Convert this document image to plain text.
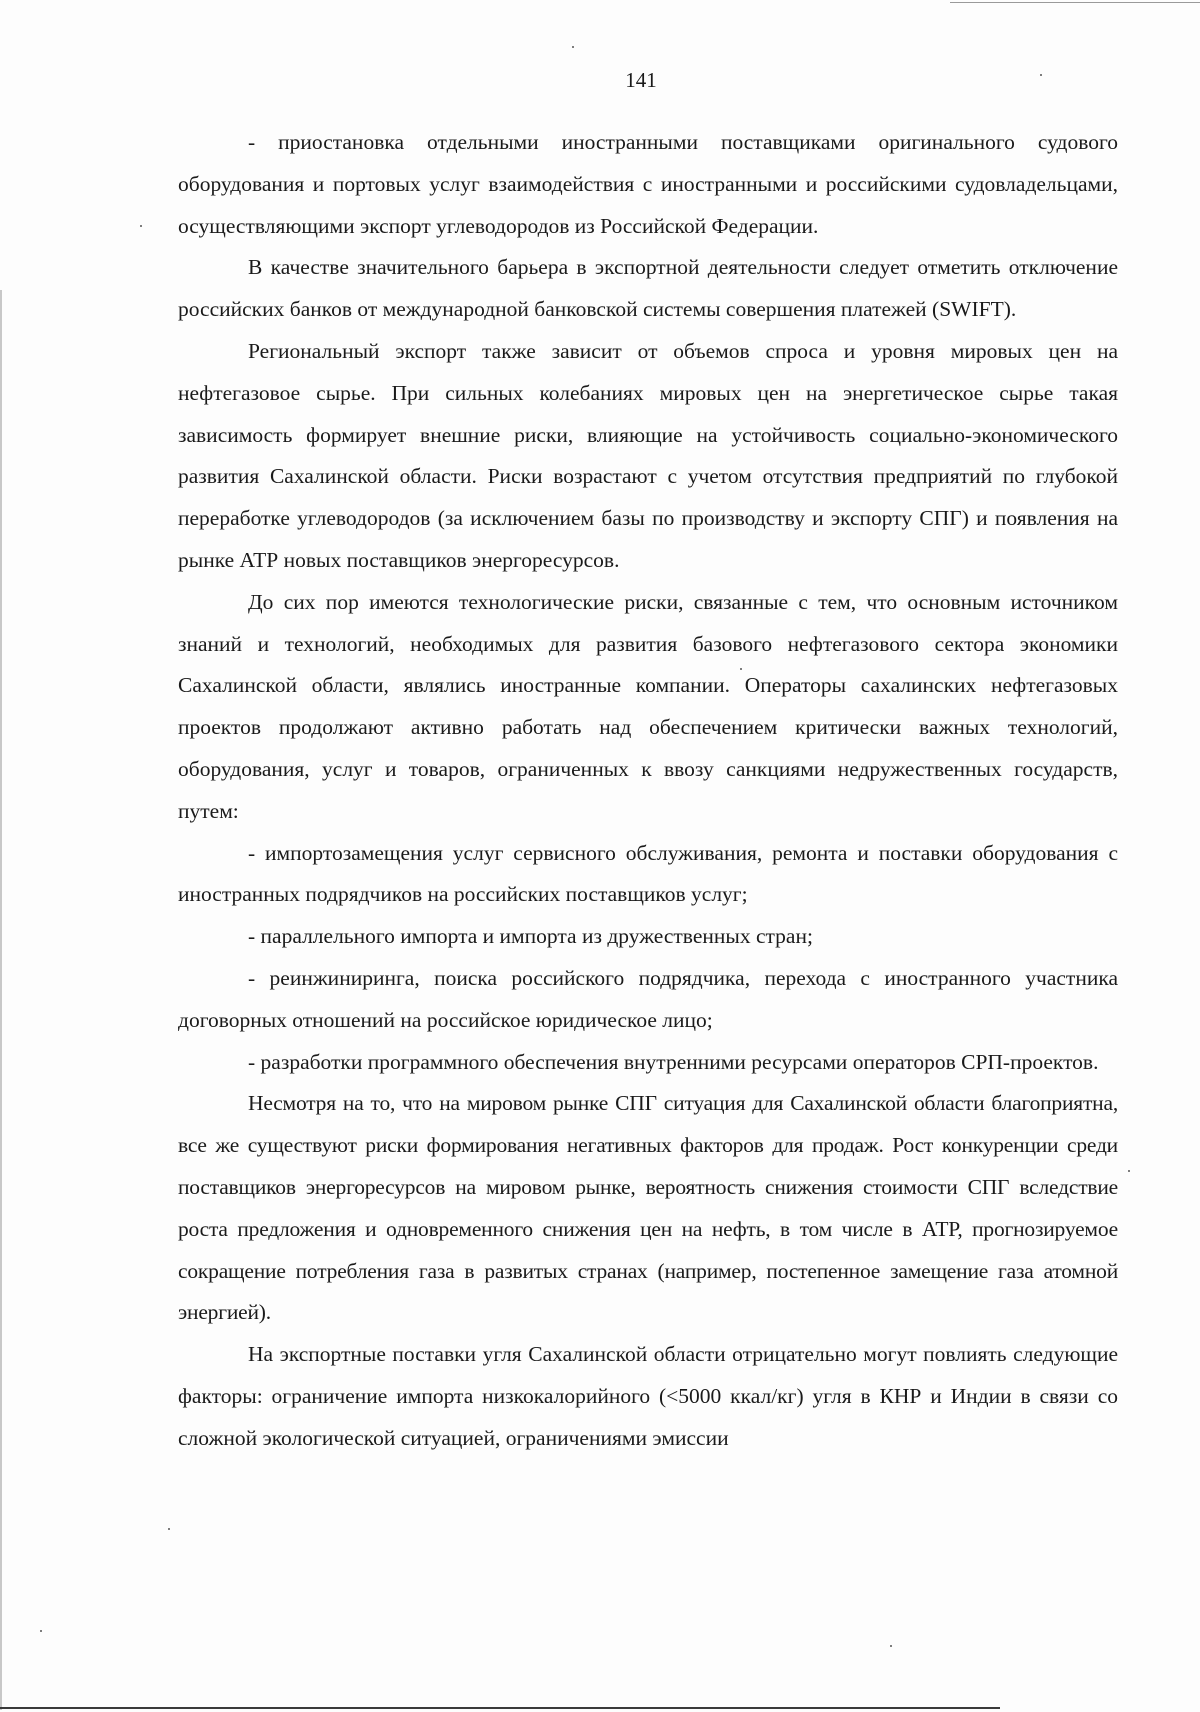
141

- приостановка отдельными иностранными поставщиками оригинального судового оборудования и портовых услуг взаимодействия с иностранными и российскими судовладельцами, осуществляющими экспорт углеводородов из Российской Федерации.

В качестве значительного барьера в экспортной деятельности следует отметить отключение российских банков от международной банковской системы совершения платежей (SWIFT).

Региональный экспорт также зависит от объемов спроса и уровня мировых цен на нефтегазовое сырье. При сильных колебаниях мировых цен на энергетическое сырье такая зависимость формирует внешние риски, влияющие на устойчивость социально-экономического развития Сахалинской области. Риски возрастают с учетом отсутствия предприятий по глубокой переработке углеводородов (за исключением базы по производству и экспорту СПГ) и появления на рынке АТР новых поставщиков энергоресурсов.

До сих пор имеются технологические риски, связанные с тем, что основным источником знаний и технологий, необходимых для развития базового нефтегазового сектора экономики Сахалинской области, являлись иностранные компании. Операторы сахалинских нефтегазовых проектов продолжают активно работать над обеспечением критически важных технологий, оборудования, услуг и товаров, ограниченных к ввозу санкциями недружественных государств, путем:

- импортозамещения услуг сервисного обслуживания, ремонта и поставки оборудования с иностранных подрядчиков на российских поставщиков услуг;

- параллельного импорта и импорта из дружественных стран;

- реинжиниринга, поиска российского подрядчика, перехода с иностранного участника договорных отношений на российское юридическое лицо;

- разработки программного обеспечения внутренними ресурсами операторов СРП-проектов.

Несмотря на то, что на мировом рынке СПГ ситуация для Сахалинской области благоприятна, все же существуют риски формирования негативных факторов для продаж. Рост конкуренции среди поставщиков энергоресурсов на мировом рынке, вероятность снижения стоимости СПГ вследствие роста предложения и одновременного снижения цен на нефть, в том числе в АТР, прогнозируемое сокращение потребления газа в развитых странах (например, постепенное замещение газа атомной энергией).

На экспортные поставки угля Сахалинской области отрицательно могут повлиять следующие факторы: ограничение импорта низкокалорийного (<5000 ккал/кг) угля в КНР и Индии в связи со сложной экологической ситуацией, ограничениями эмиссии
